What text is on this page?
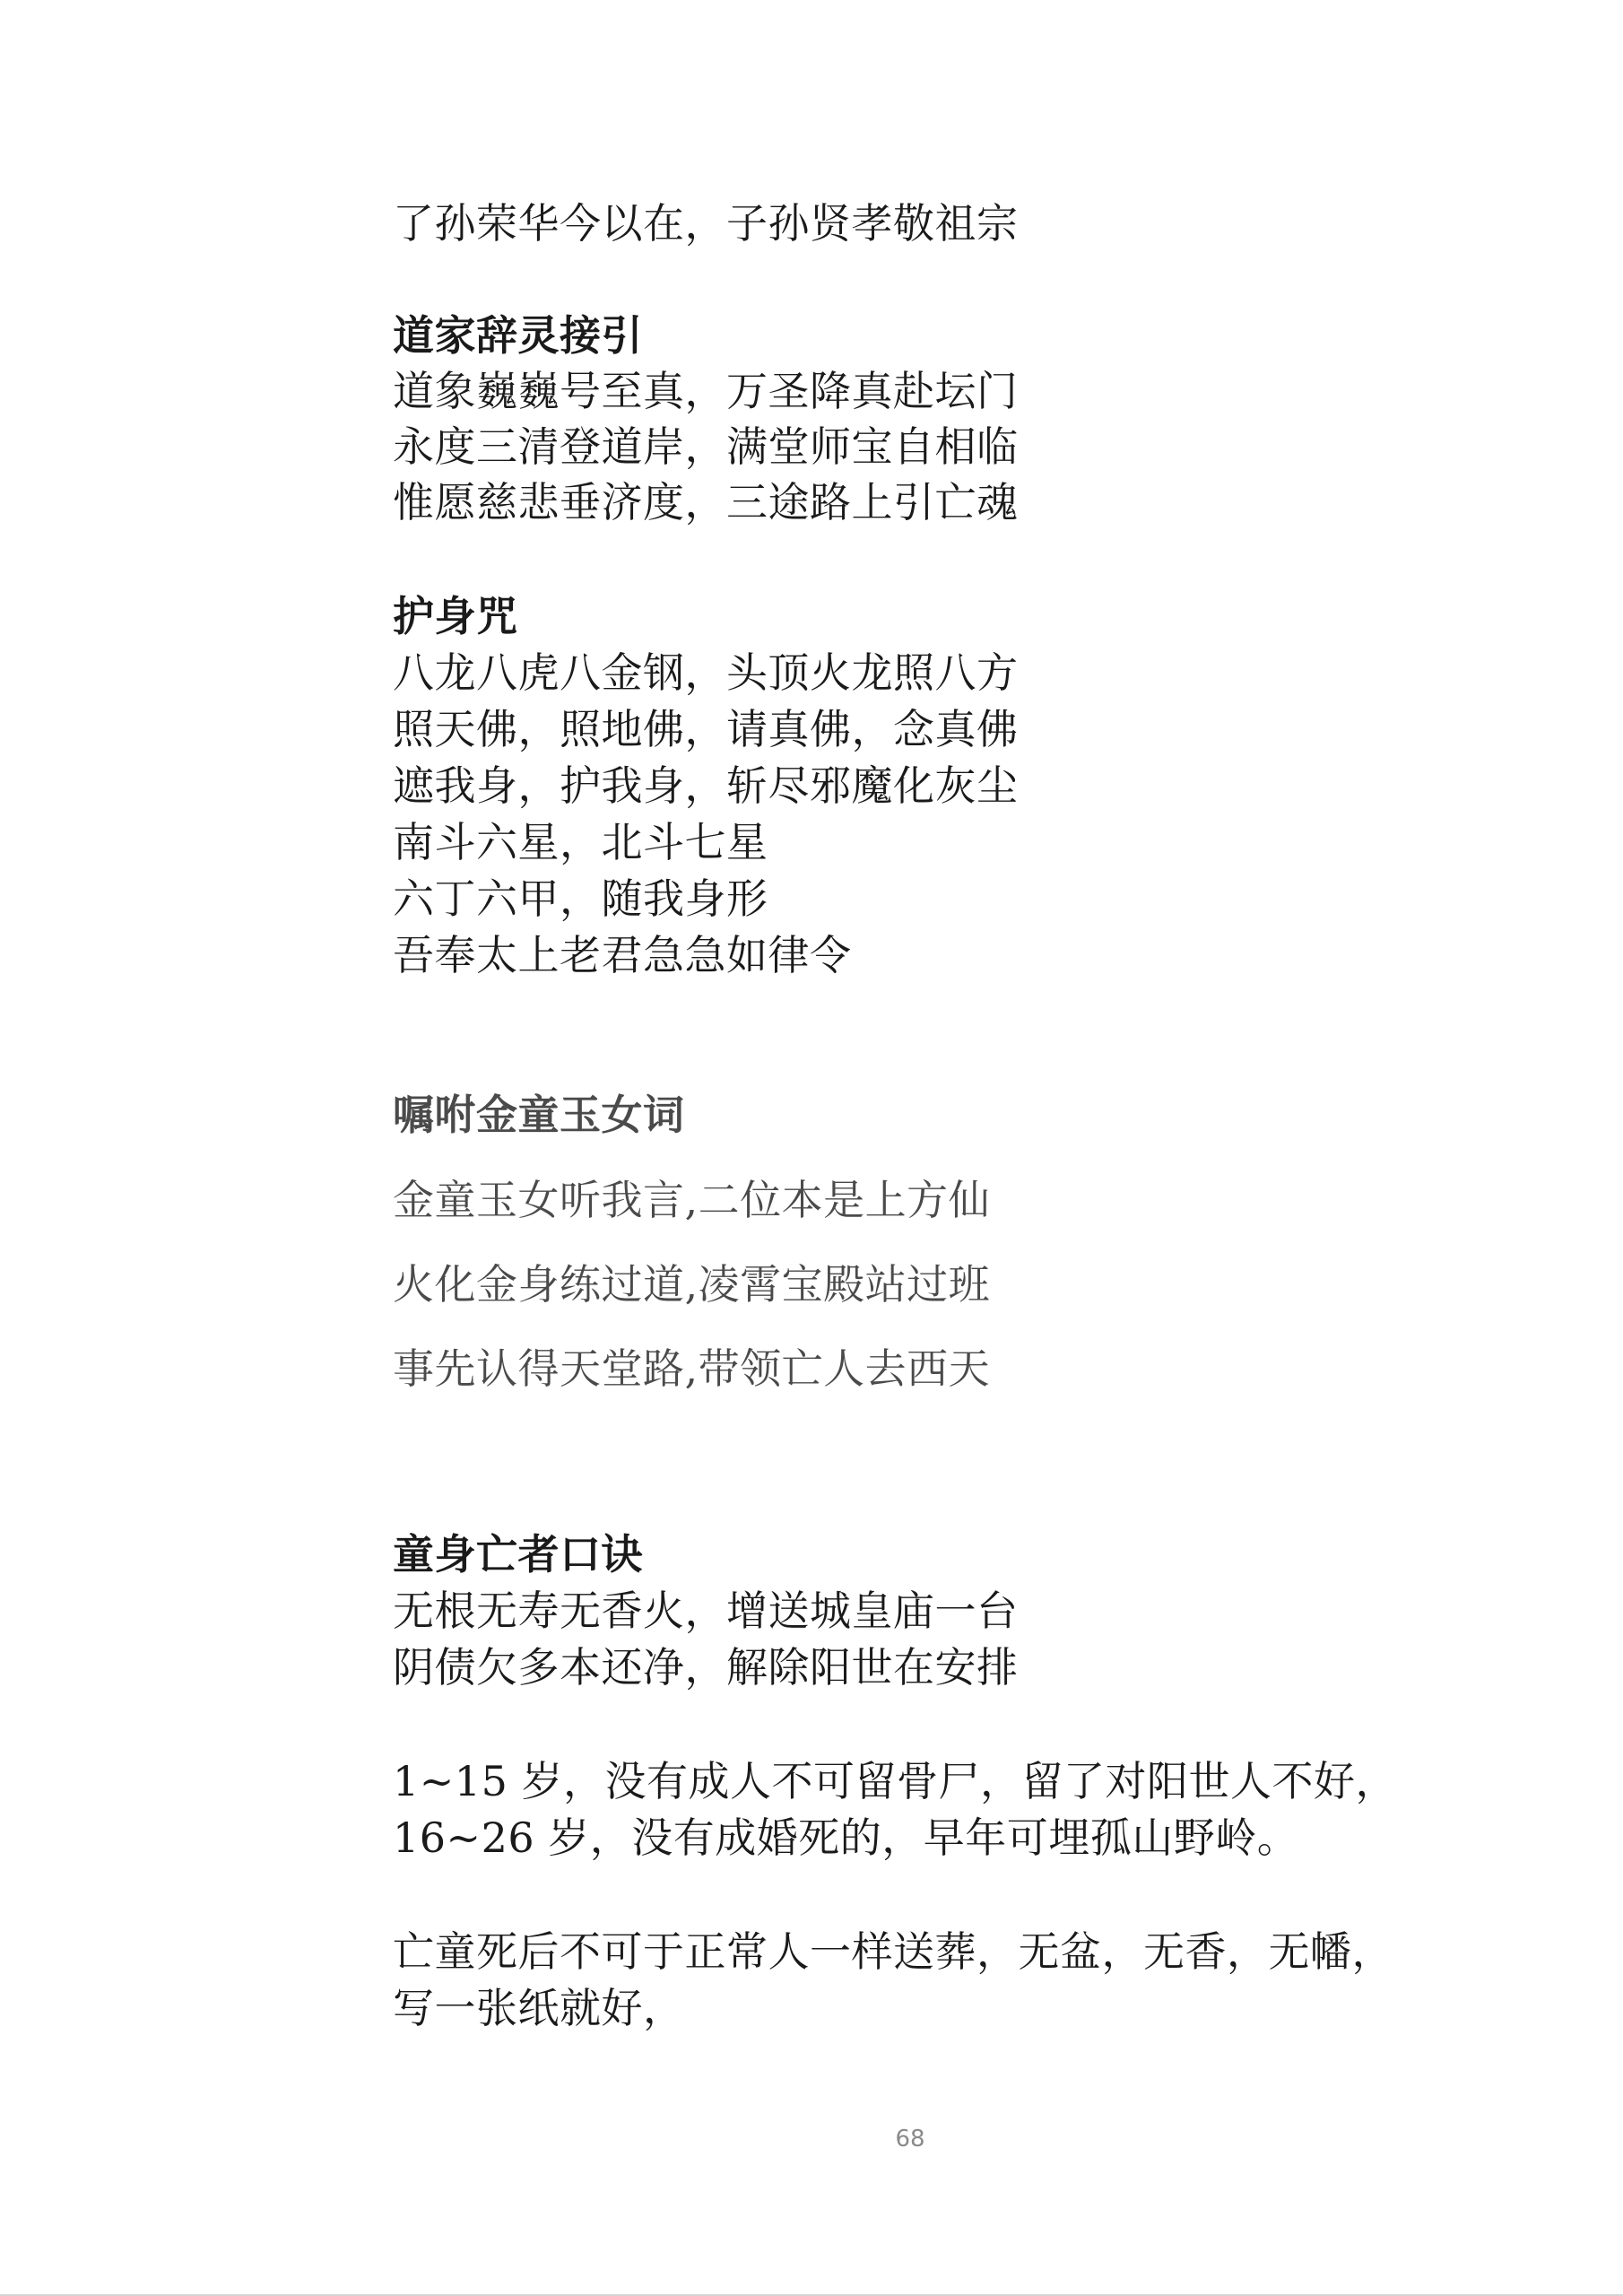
了孙荣华今以在，子孙贤孝敬祖宗
道家辞灵接引
道象巍巍号至真，万圣降真赴坛门
永度三清登道岸，满堂师宝自相临
惟愿慈悲垂济度，三途路上引亡魂
护身咒
八龙八虎八金钢，头顶火龙照八方
照天佛，照地佛，请真佛，念真佛
遮我身，护我身，斩尽邪魔化灰尘
南斗六星，北斗七星
六丁六甲，随我身形
吾奉太上老君急急如律令
嘱咐金童玉女词
金童玉女听我言,二位本是上方仙
火化金身练过道,凌霄宝殿站过班
事先认得天堂路,带领亡人去西天
童身亡者口诀
无根无寿无香火，增送城皇庙一台
阴债欠多本还净，解除阳世在安排
1~15 岁，没有成人不可留骨尸，留了对阳世人不好，
16~26 岁，没有成婚死的，早年可埋孤山野岭。
亡童死后不可于正常人一样送葬，无盆，无香，无幡，
写一张纸就好，
68
